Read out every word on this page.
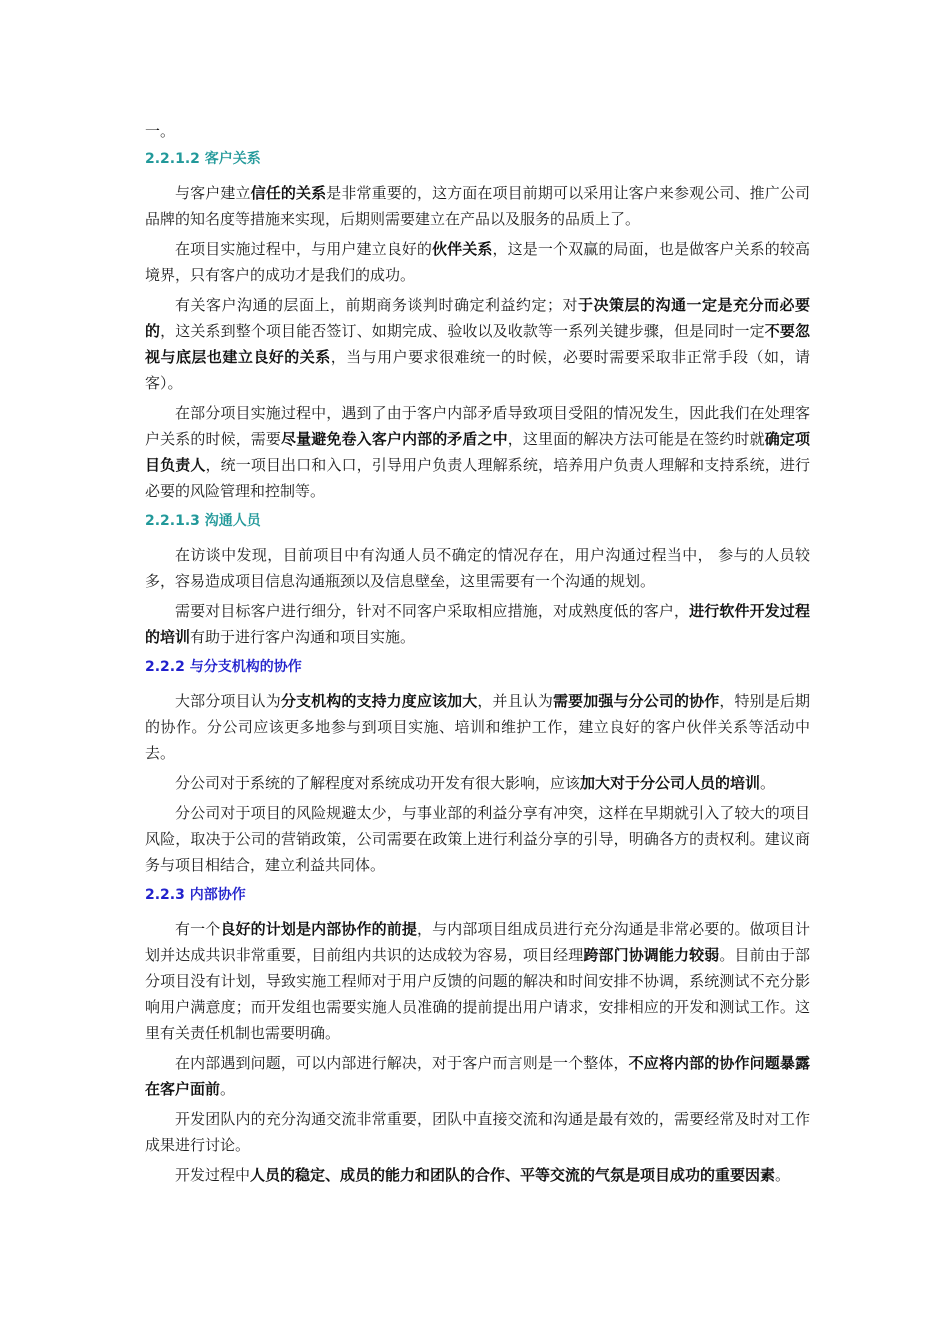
一。
2.2.1.2 客户关系

与客户建立信任的关系是非常重要的，这方面在项目前期可以采用让客户来参观公司、推广公司品牌的知名度等措施来实现，后期则需要建立在产品以及服务的品质上了。

在项目实施过程中，与用户建立良好的伙伴关系，这是一个双赢的局面，也是做客户关系的较高境界，只有客户的成功才是我们的成功。

有关客户沟通的层面上，前期商务谈判时确定利益约定；对于决策层的沟通一定是充分而必要的，这关系到整个项目能否签订、如期完成、验收以及收款等一系列关键步骤，但是同时一定不要忽视与底层也建立良好的关系，当与用户要求很难统一的时候，必要时需要采取非正常手段（如，请客）。

在部分项目实施过程中，遇到了由于客户内部矛盾导致项目受阻的情况发生，因此我们在处理客户关系的时候，需要尽量避免卷入客户内部的矛盾之中，这里面的解决方法可能是在签约时就确定项目负责人，统一项目出口和入口，引导用户负责人理解系统，培养用户负责人理解和支持系统，进行必要的风险管理和控制等。

2.2.1.3 沟通人员

在访谈中发现，目前项目中有沟通人员不确定的情况存在，用户沟通过程当中， 参与的人员较多，容易造成项目信息沟通瓶颈以及信息壁垒，这里需要有一个沟通的规划。

需要对目标客户进行细分，针对不同客户采取相应措施，对成熟度低的客户，进行软件开发过程的培训有助于进行客户沟通和项目实施。

2.2.2 与分支机构的协作

大部分项目认为分支机构的支持力度应该加大，并且认为需要加强与分公司的协作，特别是后期的协作。分公司应该更多地参与到项目实施、培训和维护工作，建立良好的客户伙伴关系等活动中去。

分公司对于系统的了解程度对系统成功开发有很大影响，应该加大对于分公司人员的培训。

分公司对于项目的风险规避太少，与事业部的利益分享有冲突，这样在早期就引入了较大的项目风险，取决于公司的营销政策，公司需要在政策上进行利益分享的引导，明确各方的责权利。建议商务与项目相结合，建立利益共同体。

2.2.3 内部协作

有一个良好的计划是内部协作的前提，与内部项目组成员进行充分沟通是非常必要的。做项目计划并达成共识非常重要，目前组内共识的达成较为容易，项目经理跨部门协调能力较弱。目前由于部分项目没有计划，导致实施工程师对于用户反馈的问题的解决和时间安排不协调，系统测试不充分影响用户满意度；而开发组也需要实施人员准确的提前提出用户请求，安排相应的开发和测试工作。这里有关责任机制也需要明确。

在内部遇到问题，可以内部进行解决，对于客户而言则是一个整体，不应将内部的协作问题暴露在客户面前。

开发团队内的充分沟通交流非常重要，团队中直接交流和沟通是最有效的，需要经常及时对工作成果进行讨论。

开发过程中人员的稳定、成员的能力和团队的合作、平等交流的气氛是项目成功的重要因素。
